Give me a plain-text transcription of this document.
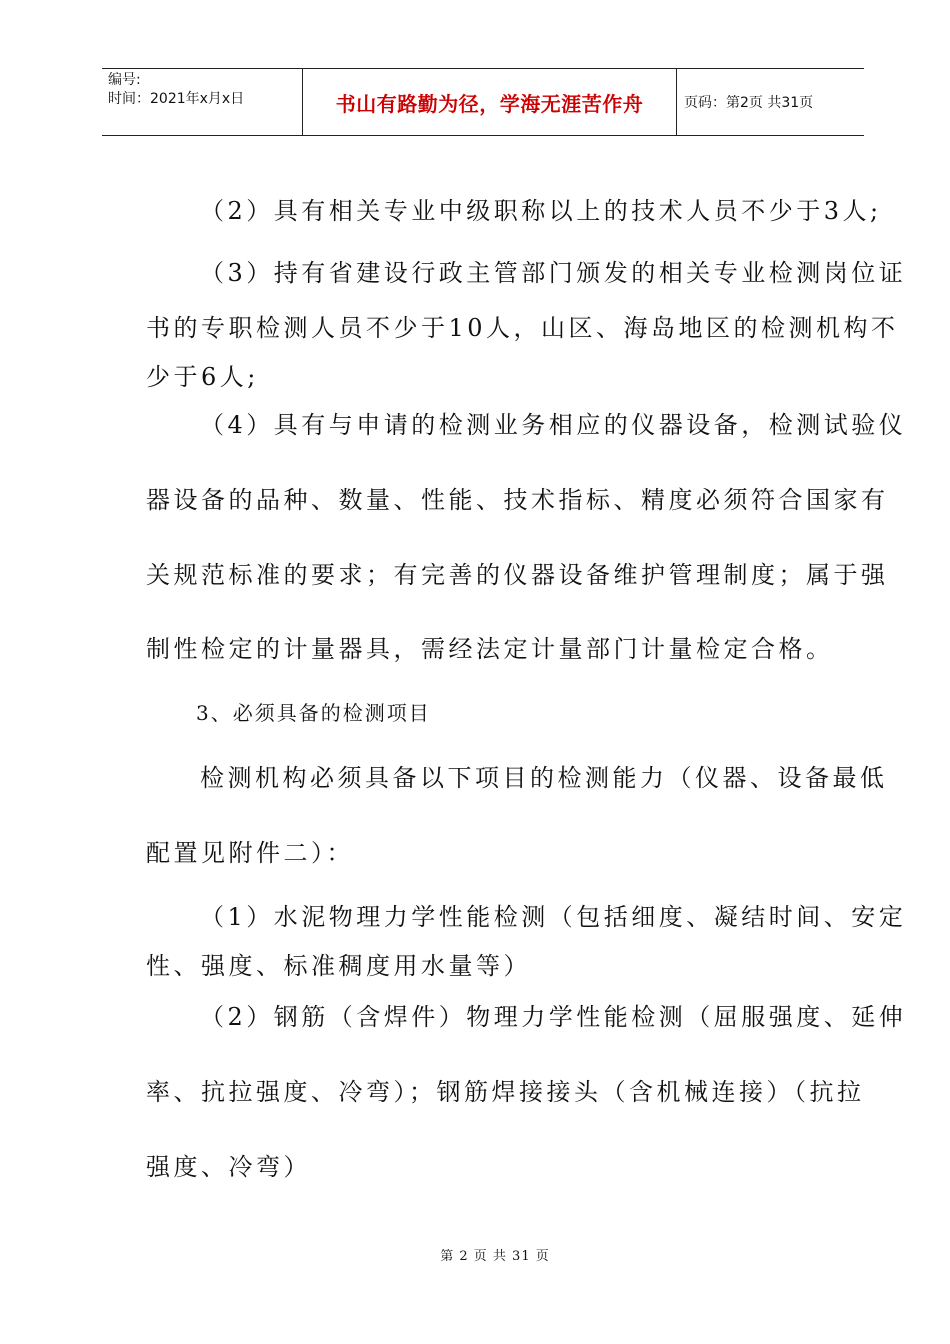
编号:
时间：2021年x月x日	书山有路勤为径，学海无涯苦作舟	页码：第2页 共31页
（2）具有相关专业中级职称以上的技术人员不少于3人;
（3）持有省建设行政主管部门颁发的相关专业检测岗位证
书的专职检测人员不少于10人，山区、海岛地区的检测机构不
少于6人;
（4）具有与申请的检测业务相应的仪器设备，检测试验仪
器设备的品种、数量、性能、技术指标、精度必须符合国家有
关规范标准的要求；有完善的仪器设备维护管理制度；属于强
制性检定的计量器具，需经法定计量部门计量检定合格。
3、必须具备的检测项目
检测机构必须具备以下项目的检测能力（仪器、设备最低
配置见附件二）：
（1）水泥物理力学性能检测（包括细度、凝结时间、安定
性、强度、标准稠度用水量等）
（2）钢筋（含焊件）物理力学性能检测（屈服强度、延伸
率、抗拉强度、冷弯）；钢筋焊接接头（含机械连接）（抗拉
强度、冷弯）
第 2 页 共 31 页
